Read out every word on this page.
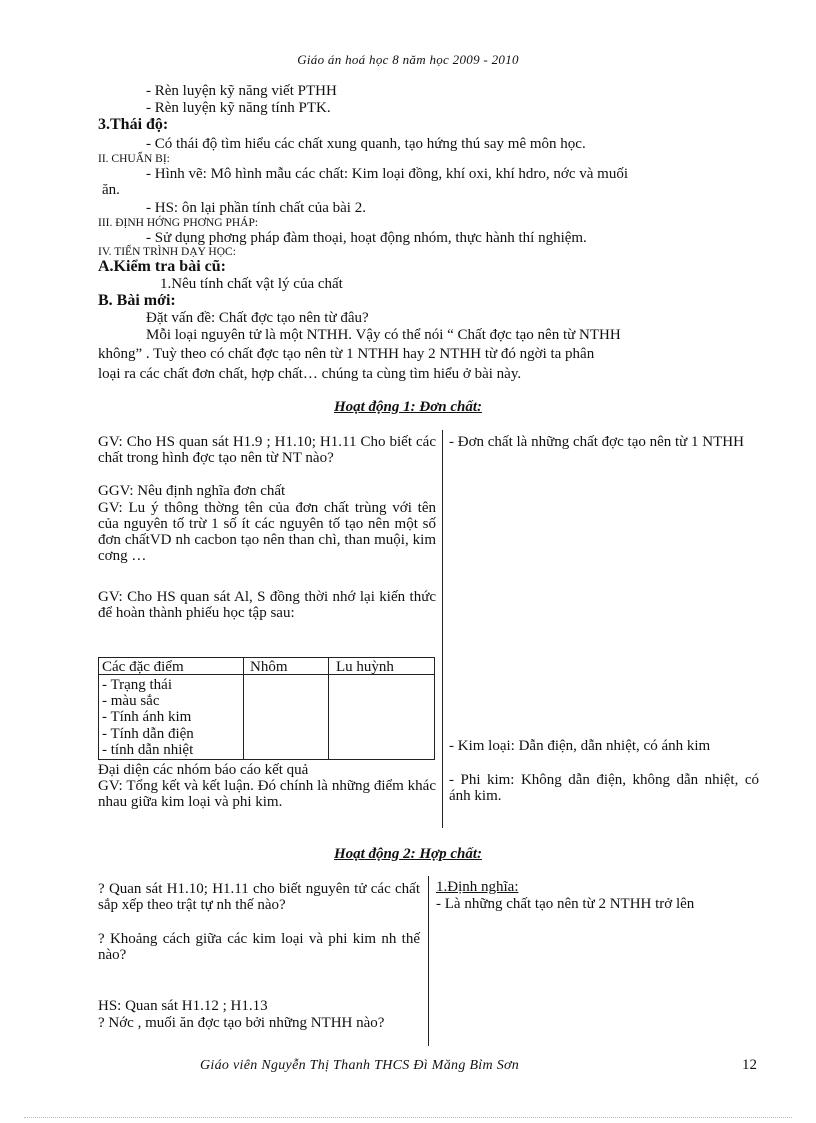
Giáo án hoá học 8 năm học 2009 - 2010
- Rèn luyện kỹ năng viết PTHH
- Rèn luyện kỹ năng tính PTK.
3.Thái độ:
- Có thái độ tìm hiểu các chất xung quanh, tạo hứng thú say mê môn học.
II. CHUẨN BỊ:
- Hình vẽ: Mô hình mẫu các chất: Kim loại đồng, khí oxi, khí hdro, nớc và muối
ăn.
- HS: ôn lại phần tính chất của bài 2.
III. ĐỊNH HỚNG PHƠNG PHÁP:
- Sử dụng phơng pháp đàm thoại, hoạt động nhóm, thực hành thí nghiệm.
IV. TIẾN TRÌNH DẠY HỌC:
A.Kiểm tra bài cũ:
1.Nêu tính chất vật lý của chất
B. Bài mới:
Đặt vấn đề: Chất đợc tạo nên từ đâu?
Mỗi loại nguyên tử là một NTHH. Vậy có thể nói “ Chất đợc tạo nên từ NTHH
không” . Tuỳ theo có chất đợc tạo nên từ 1 NTHH hay 2 NTHH từ đó ngời ta phân
loại ra các chất đơn chất, hợp chất… chúng ta cùng tìm hiểu ở bài này.
Hoạt động 1: Đơn chất:
GV: Cho HS quan sát H1.9 ; H1.10; H1.11 Cho biết các chất trong hình đợc tạo nên từ NT nào?
GGV: Nêu định nghĩa đơn chất
GV: Lu ý thông thờng tên của đơn chất trùng với tên của nguyên tố trừ 1 số ít các nguyên tố tạo nên một số đơn chấtVD nh cacbon tạo nên than chì, than muội, kim cơng …
GV: Cho HS quan sát Al, S đồng thời nhớ lại kiến thức để hoàn thành phiếu học tập sau:
Các đặc điểm	Nhôm	Lu huỳnh
- Trạng thái
- màu sắc
- Tính ánh kim
- Tính dẫn điện
- tính dẫn nhiệt
Đại diện các nhóm báo cáo kết quả
GV: Tổng kết và kết luận. Đó chính là những điểm khác nhau giữa kim loại và phi kim.
- Đơn chất là những chất đợc tạo nên từ 1 NTHH
- Kim loại: Dẫn điện, dẫn nhiệt, có ánh kim
- Phi kim: Không dẫn điện, không dẫn nhiệt, có ánh kim.
Hoạt động 2: Hợp chất:
? Quan sát H1.10; H1.11 cho biết nguyên tử các chất sắp xếp theo trật tự nh thế nào?
? Khoảng cách giữa các kim loại và phi kim nh thế nào?
HS: Quan sát H1.12 ; H1.13
? Nớc , muối ăn đợc tạo bởi những NTHH nào?
1.Định nghĩa:
- Là những chất tạo nên từ 2 NTHH trở lên
Giáo viên Nguyễn Thị Thanh THCS Đì Măng Bỉm Sơn	12
